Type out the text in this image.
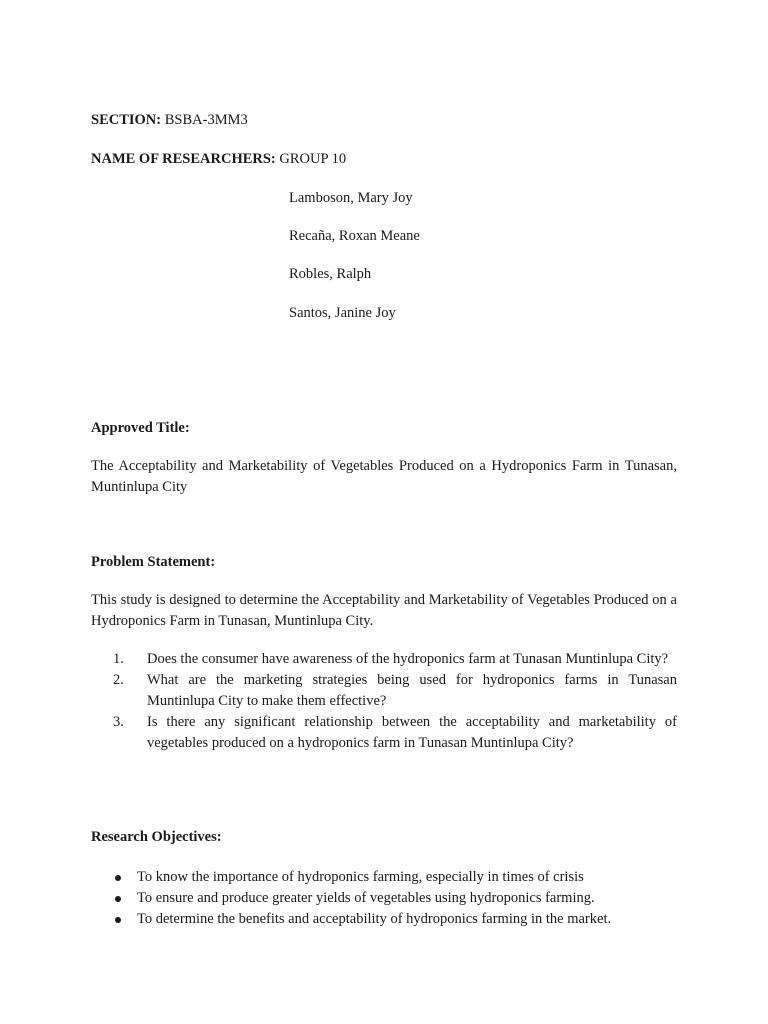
SECTION: BSBA-3MM3
NAME OF RESEARCHERS: GROUP 10
Lamboson, Mary Joy
Recaña, Roxan Meane
Robles, Ralph
Santos, Janine Joy
Approved Title:
The Acceptability and Marketability of Vegetables Produced on a Hydroponics Farm in Tunasan, Muntinlupa City
Problem Statement:
This study is designed to determine the Acceptability and Marketability of Vegetables Produced on a Hydroponics Farm in Tunasan, Muntinlupa City.
1. Does the consumer have awareness of the hydroponics farm at Tunasan Muntinlupa City?
2. What are the marketing strategies being used for hydroponics farms in Tunasan Muntinlupa City to make them effective?
3. Is there any significant relationship between the acceptability and marketability of vegetables produced on a hydroponics farm in Tunasan Muntinlupa City?
Research Objectives:
To know the importance of hydroponics farming, especially in times of crisis
To ensure and produce greater yields of vegetables using hydroponics farming.
To determine the benefits and acceptability of hydroponics farming in the market.
